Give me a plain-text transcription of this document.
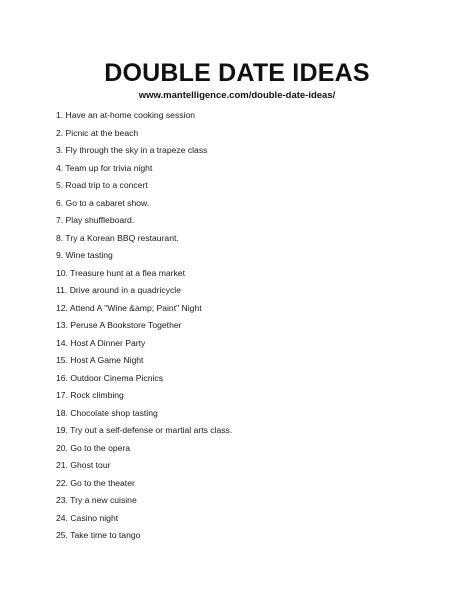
DOUBLE DATE IDEAS
www.mantelligence.com/double-date-ideas/
1. Have an at-home cooking session
2. Picnic at the beach
3. Fly through the sky in a trapeze class
4. Team up for trivia night
5. Road trip to a concert
6. Go to a cabaret show.
7. Play shuffleboard.
8. Try a Korean BBQ restaurant.
9. Wine tasting
10. Treasure hunt at a flea market
11. Drive around in a quadricycle
12. Attend A "Wine &amp; Paint" Night
13. Peruse A Bookstore Together
14. Host A Dinner Party
15. Host A Game Night
16. Outdoor Cinema Picnics
17. Rock climbing
18. Chocolate shop tasting
19. Try out a self-defense or martial arts class.
20. Go to the opera
21. Ghost tour
22. Go to the theater
23. Try a new cuisine
24. Casino night
25. Take time to tango
